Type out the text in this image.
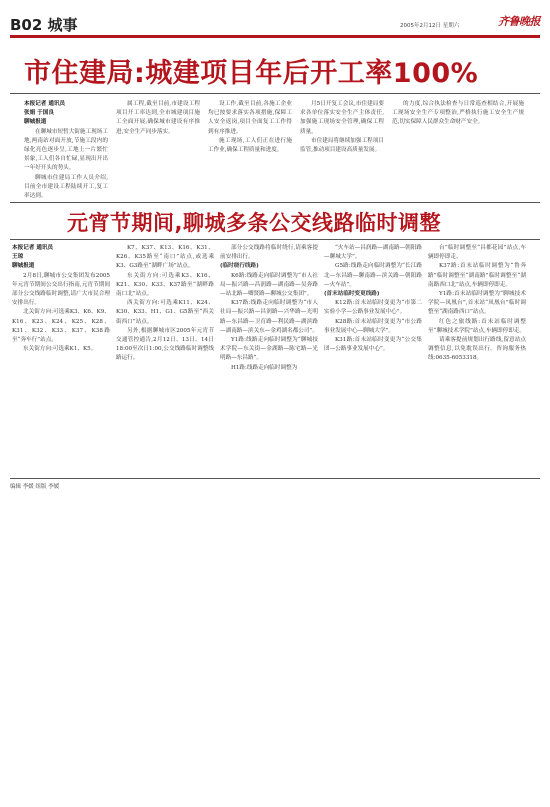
B02 城事	2005年2月12日 星期六	齐鲁晚报
市住建局:城建项目年后开工率100%
本报记者 通讯员
张娟 于国良
聊城报道

在聊城市短暂大街施工现场工地,两南站对面开放,节施工段内的绿化亮色逐步呈,工地上一片繁忙景象,工人们各自忙碌,显现出开出一年好开头的势头。

聊城市住建局工作人员介绍,目前全市建设工程陆续开工,复工率达到。

属工程,截至目前,市建设工程项目开工率达到,全市城建项目施工全面开展,确保城市建设有序推进,安全生产同步落实。

设工作,截至目前,各施工企业均已按要求落实各项措施,保障工人安全返岗,项目全面复工工作得到有序推进。

施工现场,工人们正在进行施工作业,确保工程质量和进度。

月5日开复工会议,市住建局要求各单位落实安全生产主体责任,加强施工现场安全管理,确保工程质量。

市住建局将继续加强工程项目监管,推动项目建设高质量发展。

的力度,综合执法检查与日常巡查相结合,开展施工现场安全生产专项整治,严格执行施工安全生产规范,切实保障人民群众生命财产安全。

元宵节期间,聊城多条公交线路临时调整
本报记者 通讯员
王琼
聊城报道

2月8日,聊城市公交集团发布2005年元宵节期间公交出行指南,元宵节期间部分公交线路临时调整,请广大市民合理安排出行。

北关街方向:可选乘K3、K6、K9、K16、K23、K24、K25、K28、K31、K32、K33、K37、K38路至“奔车行”站点。

东关街方向:可选乘K1、K5。

K7、K37、K13、K16、K31、K26、K35路至“南口”站点,或选乘K3、G3路至“湖畔广场”站点。

东关街方向:可选乘K3、K16、K21、K30、K33、K37路至“湖畔路南口北”站点。

西关街方向:可选乘K11、K24、K30、K33、H1、G1、G5路至“西关街西口”站点。

另外,根据聊城市区2005年元宵节交通管控通告,2月12日、13日、14日18:00至次日1:00,公交线路临时调整线路运行。

部分公交线路将临时绕行,请乘客提前安排出行。

(临时绕行线路)

K6路:线路走向临时调整为“市人社局—振兴路—昌润路—湖南路—吴奔路—站北路—卿贤路—聊城公交集团”。

K37路:线路走向临时调整为“市人社局—振兴路—昌润路—兴华路—光明路—东昌路—卫育路—利民路—湖滨路—湖南路—滨关东—金鸡湖名都公司”。

Y1路:线路走向临时调整为“聊城技术学院—东关街—金湖路—陈宅路—光明路—东昌路”。

H1路:线路走向临时调整为

“火车站—昌润路—湖南路—朝阳路—聊城大学”。

G5路:线路走向临时调整为“长江路北—东昌路—聊南路—滨关路—朝阳路—火车站”。

(首末站临时变更线路)

K12路:首末站临时变更为“市第二实验小学—公路事业发展中心”。

K28路:首末站临时变更为“市公路事业发展中心—聊城大学”。

K31路:首末站临时变更为“公交集团—公路事业发展中心”。

台”临时调整至“昌都花园”站点,车辆即停即走。

K37路:首末站临时调整为“鲁奔路”临时调整至“湖南路”临时调整至“湖南路西口北”站点,车辆即停即走。

Y1路:首末站临时调整为“聊城技术学院—凤凰台”,首末站“凤凰台”临时调整至“湖南路西口”站点。

红色之旅线路:首末站临时调整至“聊城技术学院”站点,车辆即停即走。

请乘客提前规划出行路线,留意站点调整信息,以免耽误出行。咨询服务热线:0635-6053318。

编辑 李媛 组版 李媛
